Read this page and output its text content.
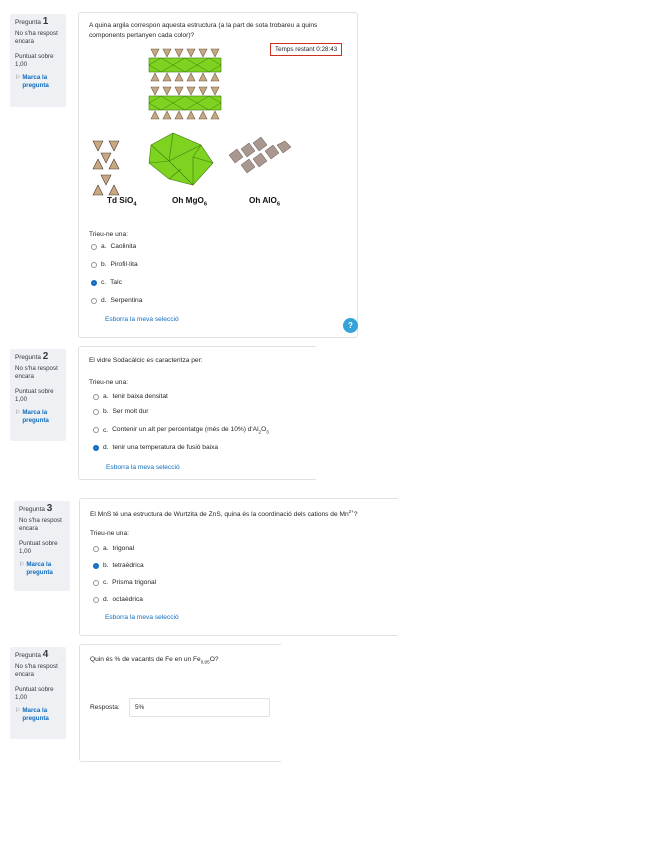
Pregunta 1
No s'ha respost encara
Puntuat sobre 1,00
⚐ Marca la pregunta
A quina argila correspon aquesta estructura (a la part de sota trobareu a quins components pertanyen cada color)?
Td SiO$_4$	Oh MgO$_6$	Oh AlO$_6$
Trieu-ne una:
a. Caolinita
b. Pirofil·lita
c. Talc
d. Serpentina
Esborra la meva selecció
Temps restant 0:28:43
?
Pregunta 2
No s'ha respost encara
Puntuat sobre 1,00
⚐ Marca la pregunta
El vidre Sodacàlcic es caracteritza per:
Trieu-ne una:
a. tenir baixa densitat
b. Ser molt dur
c. Contenir un alt per percentatge (més de 10%) $d'Al_2O_3$
d. tenir una temperatura de fusió baixa
Esborra la meva selecció
Pregunta 3
No s'ha respost encara
Puntuat sobre 1,00
⚐ Marca la pregunta
El MnS té una estructura de Wurtzita de ZnS, quina és la coordinació dels cations de $Mn^{2+}$?
Trieu-ne una:
a. trigonal
b. tetraèdrica
c. Prisma trigonal
d. octaèdrica
Esborra la meva selecció
Pregunta 4
No s'ha respost encara
Puntuat sobre 1,00
⚐ Marca la pregunta
Quin és % de vacants de Fe en un $Fe_{0,95}O$?
Resposta:
5%
